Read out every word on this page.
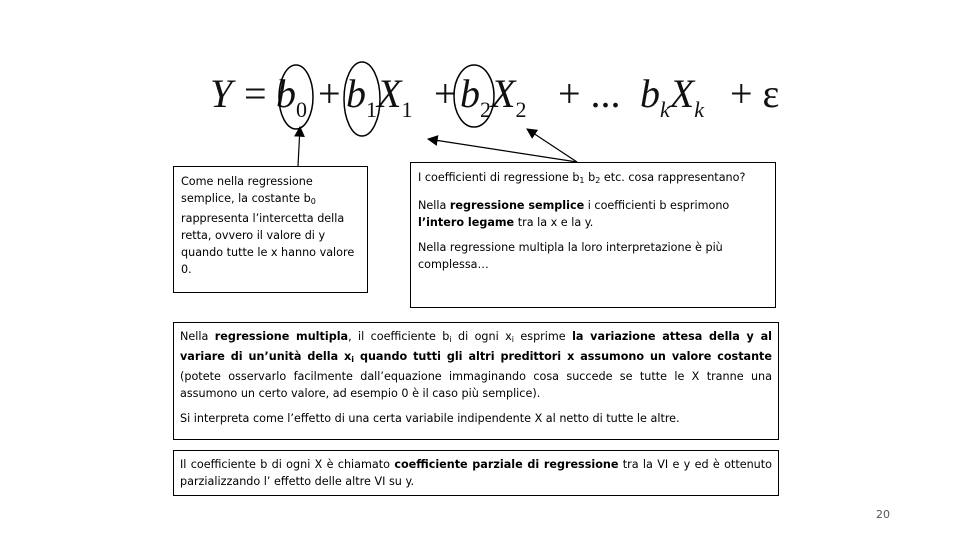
$Y = b_0 + b_1X_1 + b_2X_2$ + ... $b_kX_k + \varepsilon$

Come nella regressione semplice, la costante $b_0$ rappresenta l’intercetta della retta, ovvero il valore di y quando tutte le x hanno valore 0.

I coefficienti di regressione $b_1$ $b_2$ etc. cosa rappresentano?

Nella regressione semplice i coefficienti b esprimono l’intero legame tra la x e la y.

Nella regressione multipla la loro interpretazione è più complessa…

Nella regressione multipla, il coefficiente $b_i$ di ogni $x_i$ esprime la variazione attesa della y al variare di un’unità della $x_i$ quando tutti gli altri predittori x assumono un valore costante (potete osservarlo facilmente dall’equazione immaginando cosa succede se tutte le X tranne una assumono un certo valore, ad esempio 0 è il caso più semplice).

Si interpreta come l’effetto di una certa variabile indipendente X al netto di tutte le altre.

Il coefficiente b di ogni X è chiamato coefficiente parziale di regressione tra la VI e y ed è ottenuto parzializzando l’ effetto delle altre VI su y.

20
